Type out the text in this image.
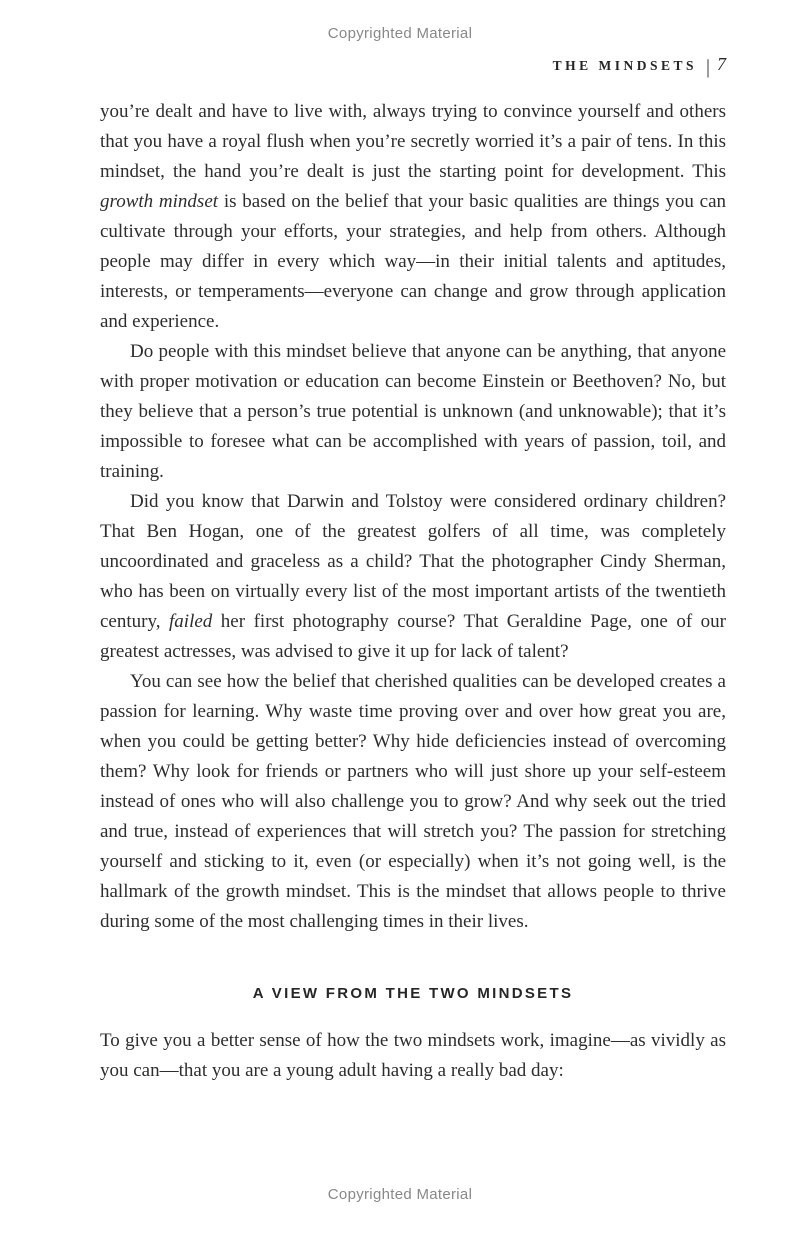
Copyrighted Material
THE MINDSETS | 7

you’re dealt and have to live with, always trying to convince yourself and others that you have a royal flush when you’re secretly worried it’s a pair of tens. In this mindset, the hand you’re dealt is just the starting point for development. This growth mindset is based on the belief that your basic qualities are things you can cultivate through your efforts, your strategies, and help from others. Although people may differ in every which way—in their initial talents and aptitudes, interests, or temperaments—everyone can change and grow through application and experience.

Do people with this mindset believe that anyone can be anything, that anyone with proper motivation or education can become Einstein or Beethoven? No, but they believe that a person’s true potential is unknown (and unknowable); that it’s impossible to foresee what can be accomplished with years of passion, toil, and training.

Did you know that Darwin and Tolstoy were considered ordinary children? That Ben Hogan, one of the greatest golfers of all time, was completely uncoordinated and graceless as a child? That the photographer Cindy Sherman, who has been on virtually every list of the most important artists of the twentieth century, failed her first photography course? That Geraldine Page, one of our greatest actresses, was advised to give it up for lack of talent?

You can see how the belief that cherished qualities can be developed creates a passion for learning. Why waste time proving over and over how great you are, when you could be getting better? Why hide deficiencies instead of overcoming them? Why look for friends or partners who will just shore up your self-esteem instead of ones who will also challenge you to grow? And why seek out the tried and true, instead of experiences that will stretch you? The passion for stretching yourself and sticking to it, even (or especially) when it’s not going well, is the hallmark of the growth mindset. This is the mindset that allows people to thrive during some of the most challenging times in their lives.

A VIEW FROM THE TWO MINDSETS

To give you a better sense of how the two mindsets work, imagine—as vividly as you can—that you are a young adult having a really bad day:

Copyrighted Material
